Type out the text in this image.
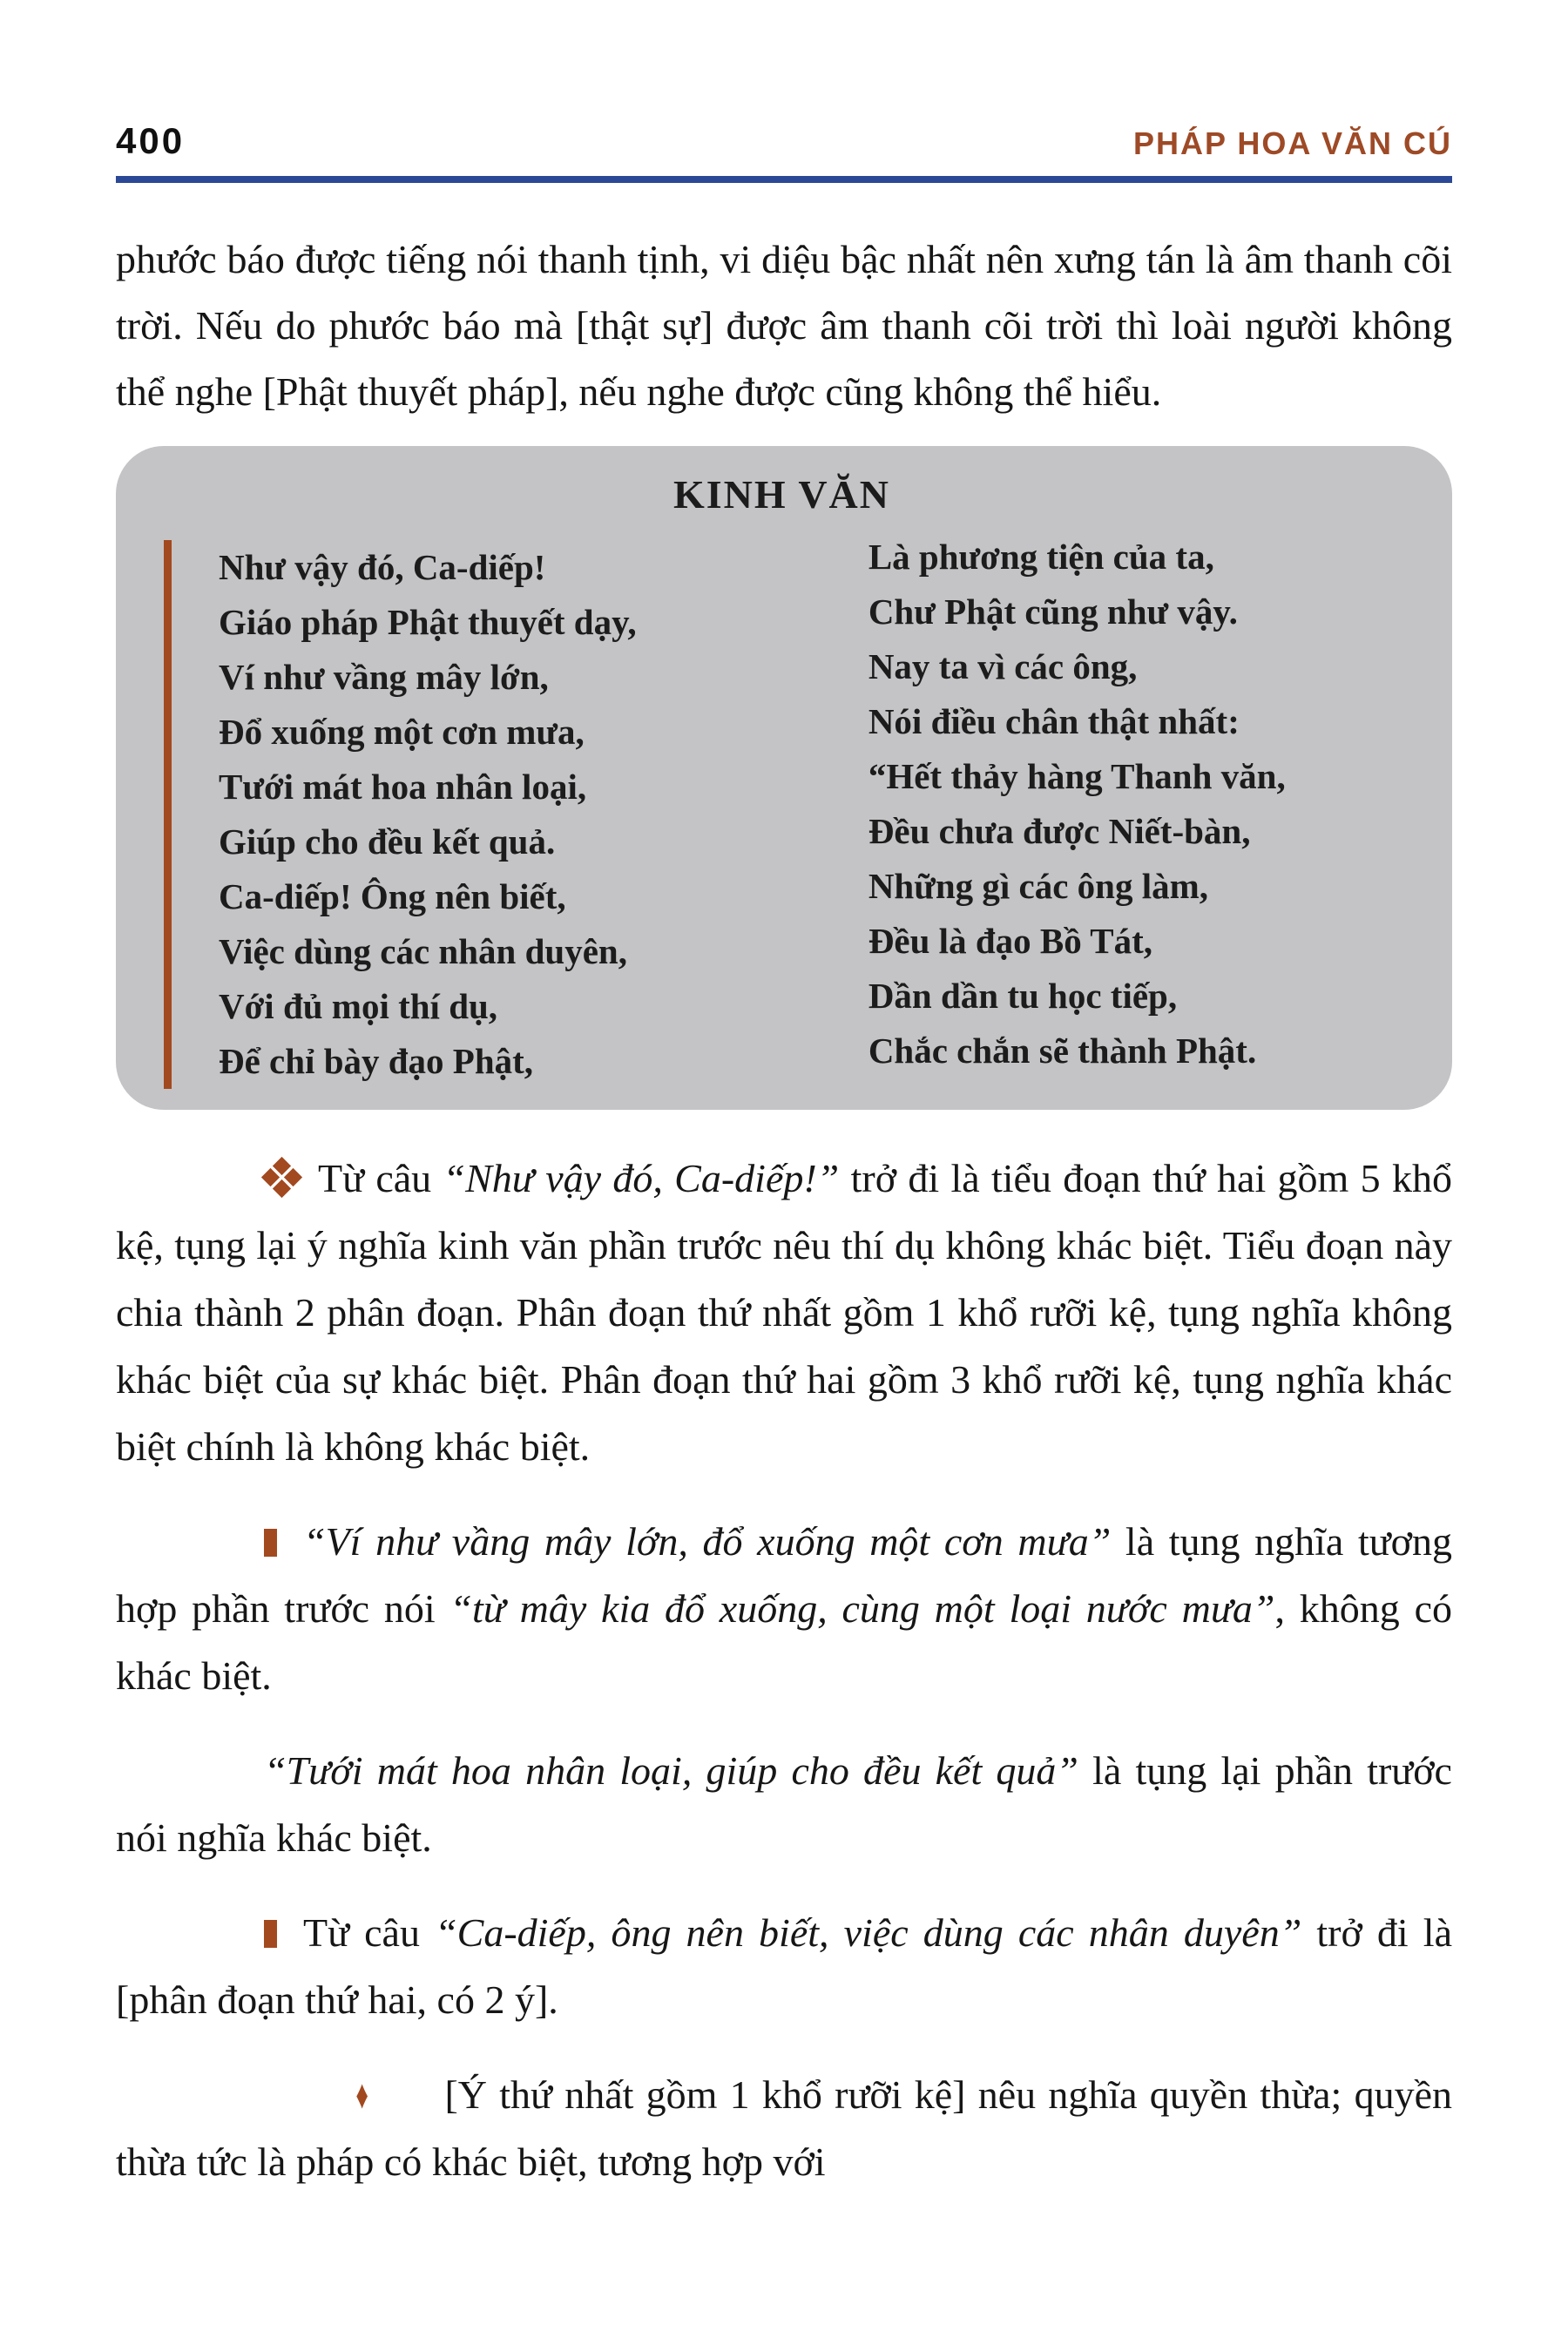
400	PHÁP HOA VĂN CÚ

phước báo được tiếng nói thanh tịnh, vi diệu bậc nhất nên xưng tán là âm thanh cõi trời. Nếu do phước báo mà [thật sự] được âm thanh cõi trời thì loài người không thể nghe [Phật thuyết pháp], nếu nghe được cũng không thể hiểu.

KINH VĂN
Như vậy đó, Ca-diếp!
Giáo pháp Phật thuyết dạy,
Ví như vầng mây lớn,
Đổ xuống một cơn mưa,
Tưới mát hoa nhân loại,
Giúp cho đều kết quả.
Ca-diếp! Ông nên biết,
Việc dùng các nhân duyên,
Với đủ mọi thí dụ,
Để chỉ bày đạo Phật,
Là phương tiện của ta,
Chư Phật cũng như vậy.
Nay ta vì các ông,
Nói điều chân thật nhất:
“Hết thảy hàng Thanh văn,
Đều chưa được Niết-bàn,
Những gì các ông làm,
Đều là đạo Bồ Tát,
Dần dần tu học tiếp,
Chắc chắn sẽ thành Phật.

Từ câu “Như vậy đó, Ca-diếp!” trở đi là tiểu đoạn thứ hai gồm 5 khổ kệ, tụng lại ý nghĩa kinh văn phần trước nêu thí dụ không khác biệt. Tiểu đoạn này chia thành 2 phân đoạn. Phân đoạn thứ nhất gồm 1 khổ rưỡi kệ, tụng nghĩa không khác biệt của sự khác biệt. Phân đoạn thứ hai gồm 3 khổ rưỡi kệ, tụng nghĩa khác biệt chính là không khác biệt.

“Ví như vầng mây lớn, đổ xuống một cơn mưa” là tụng nghĩa tương hợp phần trước nói “từ mây kia đổ xuống, cùng một loại nước mưa”, không có khác biệt.

“Tưới mát hoa nhân loại, giúp cho đều kết quả” là tụng lại phần trước nói nghĩa khác biệt.

Từ câu “Ca-diếp, ông nên biết, việc dùng các nhân duyên” trở đi là [phân đoạn thứ hai, có 2 ý].

♦ [Ý thứ nhất gồm 1 khổ rưỡi kệ] nêu nghĩa quyền thừa; quyền thừa tức là pháp có khác biệt, tương hợp với
